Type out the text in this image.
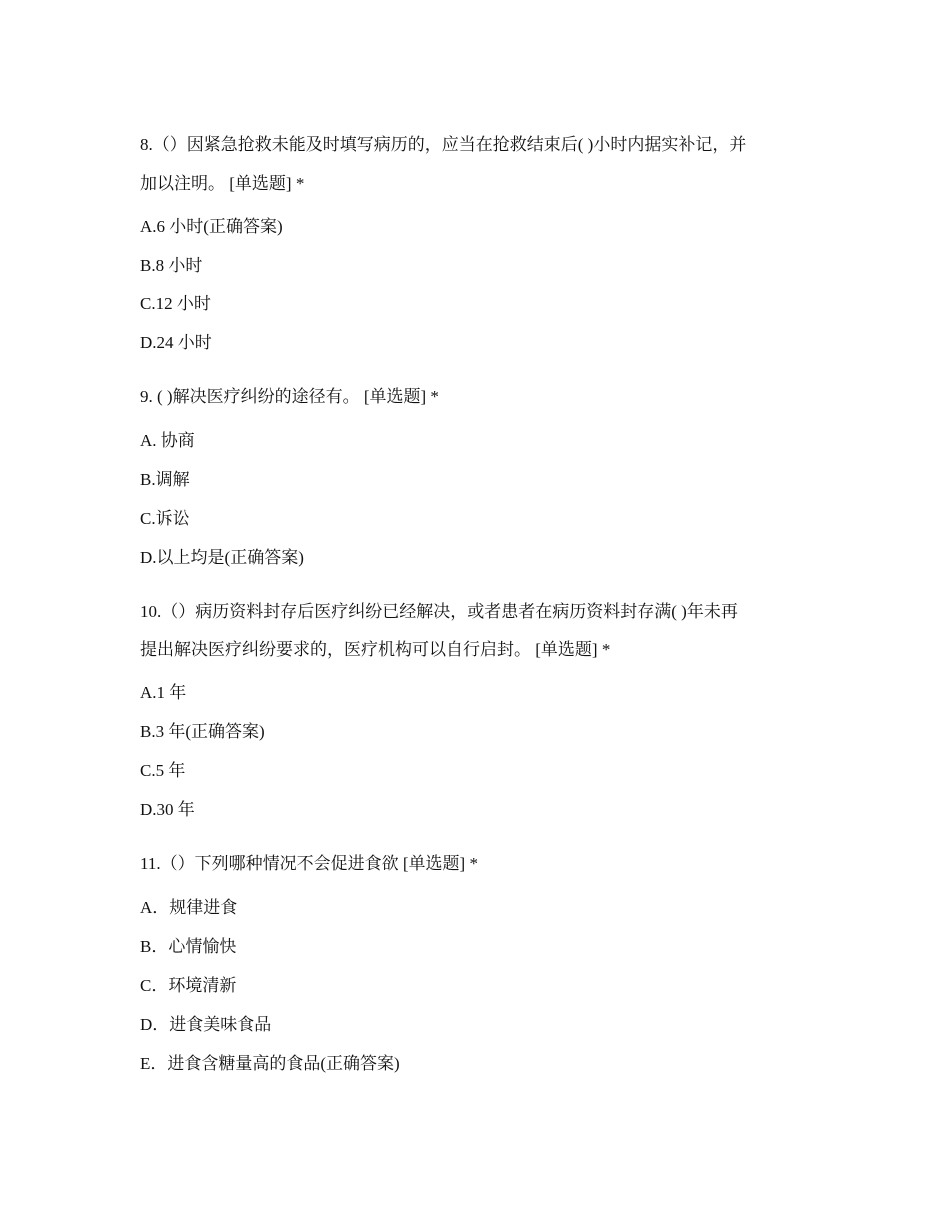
8.（）因紧急抢救未能及时填写病历的，应当在抢救结束后( )小时内据实补记，并
加以注明。 [单选题] *
A.6 小时(正确答案)
B.8 小时
C.12 小时
D.24 小时
9. ( )解决医疗纠纷的途径有。 [单选题] *
A. 协商
B.调解
C.诉讼
D.以上均是(正确答案)
10.（）病历资料封存后医疗纠纷已经解决，或者患者在病历资料封存满( )年未再
提出解决医疗纠纷要求的，医疗机构可以自行启封。 [单选题] *
A.1 年
B.3 年(正确答案)
C.5 年
D.30 年
11.（）下列哪种情况不会促进食欲 [单选题] *
A．规律进食
B．心情愉快
C．环境清新
D．进食美味食品
E．进食含糖量高的食品(正确答案)
